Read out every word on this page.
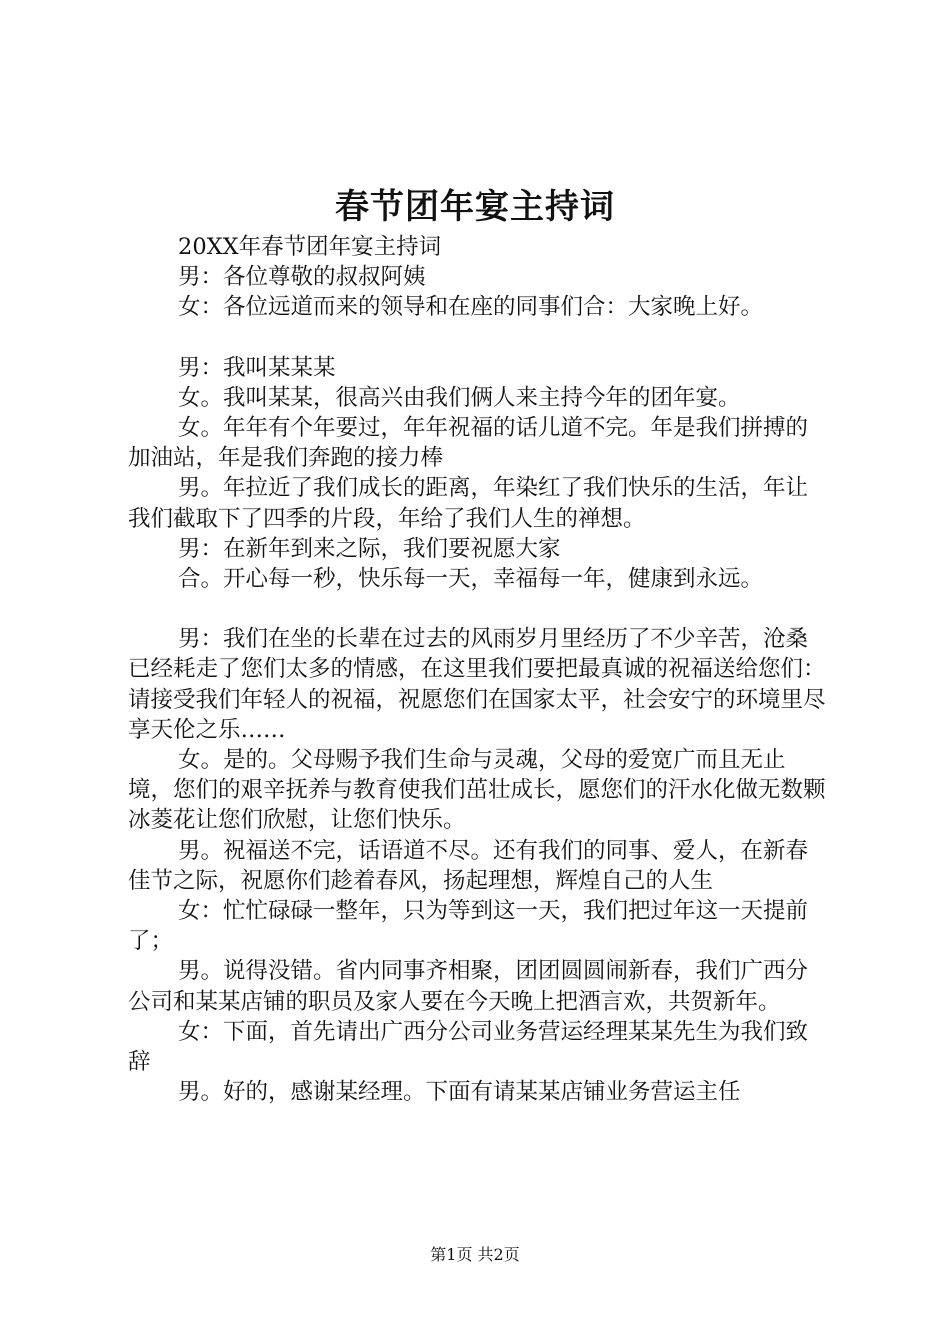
春节团年宴主持词

20XX年春节团年宴主持词

男：各位尊敬的叔叔阿姨

女：各位远道而来的领导和在座的同事们合：大家晚上好。

男：我叫某某某

女。我叫某某，很高兴由我们俩人来主持今年的团年宴。

女。年年有个年要过，年年祝福的话儿道不完。年是我们拼搏的加油站，年是我们奔跑的接力棒

男。年拉近了我们成长的距离，年染红了我们快乐的生活，年让我们截取下了四季的片段，年给了我们人生的禅想。

男：在新年到来之际，我们要祝愿大家

合。开心每一秒，快乐每一天，幸福每一年，健康到永远。

男：我们在坐的长辈在过去的风雨岁月里经历了不少辛苦，沧桑已经耗走了您们太多的情感，在这里我们要把最真诚的祝福送给您们：请接受我们年轻人的祝福，祝愿您们在国家太平，社会安宁的环境里尽享天伦之乐……

女。是的。父母赐予我们生命与灵魂，父母的爱宽广而且无止境，您们的艰辛抚养与教育使我们茁壮成长，愿您们的汗水化做无数颗冰菱花让您们欣慰，让您们快乐。

男。祝福送不完，话语道不尽。还有我们的同事、爱人，在新春佳节之际，祝愿你们趁着春风，扬起理想，辉煌自己的人生

女：忙忙碌碌一整年，只为等到这一天，我们把过年这一天提前了；

男。说得没错。省内同事齐相聚，团团圆圆闹新春，我们广西分公司和某某店铺的职员及家人要在今天晚上把酒言欢，共贺新年。

女：下面，首先请出广西分公司业务营运经理某某先生为我们致辞

男。好的，感谢某经理。下面有请某某店铺业务营运主任

第1页 共2页
